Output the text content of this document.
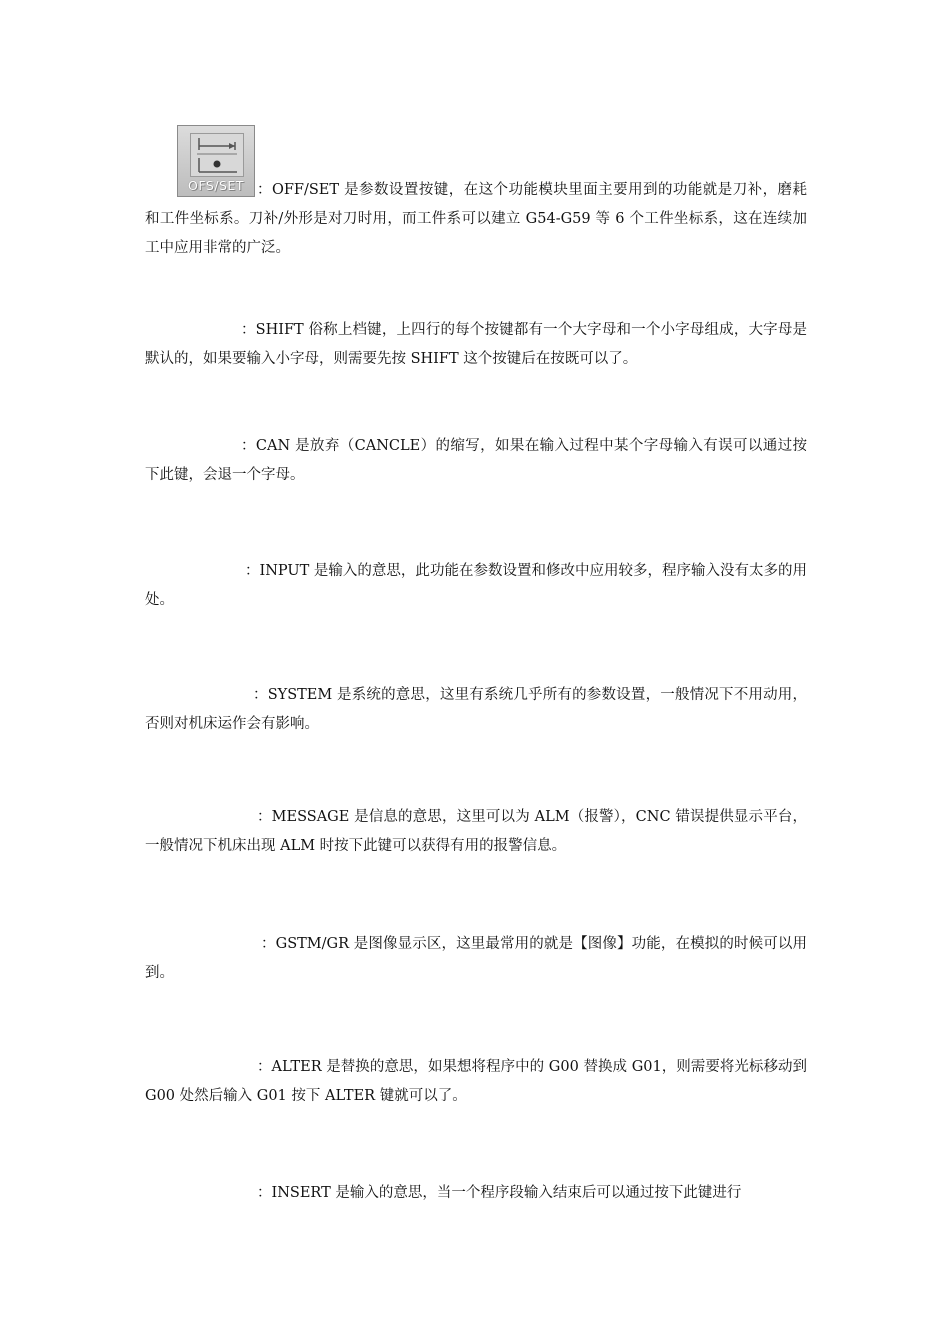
OFS/SET ：OFF/SET 是参数设置按键，在这个功能模块里面主要用到的功能就是刀补，磨耗和工件坐标系。刀补/外形是对刀时用，而工件系可以建立 G54-G59 等 6 个工件坐标系，这在连续加工中应用非常的广泛。

：SHIFT 俗称上档键，上四行的每个按键都有一个大字母和一个小字母组成，大字母是默认的，如果要输入小字母，则需要先按 SHIFT 这个按键后在按既可以了。

：CAN 是放弃（CANCLE）的缩写，如果在输入过程中某个字母输入有误可以通过按下此键，会退一个字母。

：INPUT 是输入的意思，此功能在参数设置和修改中应用较多，程序输入没有太多的用处。

：SYSTEM 是系统的意思，这里有系统几乎所有的参数设置，一般情况下不用动用，否则对机床运作会有影响。

：MESSAGE 是信息的意思，这里可以为 ALM（报警），CNC 错误提供显示平台，一般情况下机床出现 ALM 时按下此键可以获得有用的报警信息。

：GSTM/GR 是图像显示区，这里最常用的就是【图像】功能，在模拟的时候可以用到。

：ALTER 是替换的意思，如果想将程序中的 G00 替换成 G01，则需要将光标移动到 G00 处然后输入 G01 按下 ALTER 键就可以了。

：INSERT 是输入的意思，当一个程序段输入结束后可以通过按下此键进行
